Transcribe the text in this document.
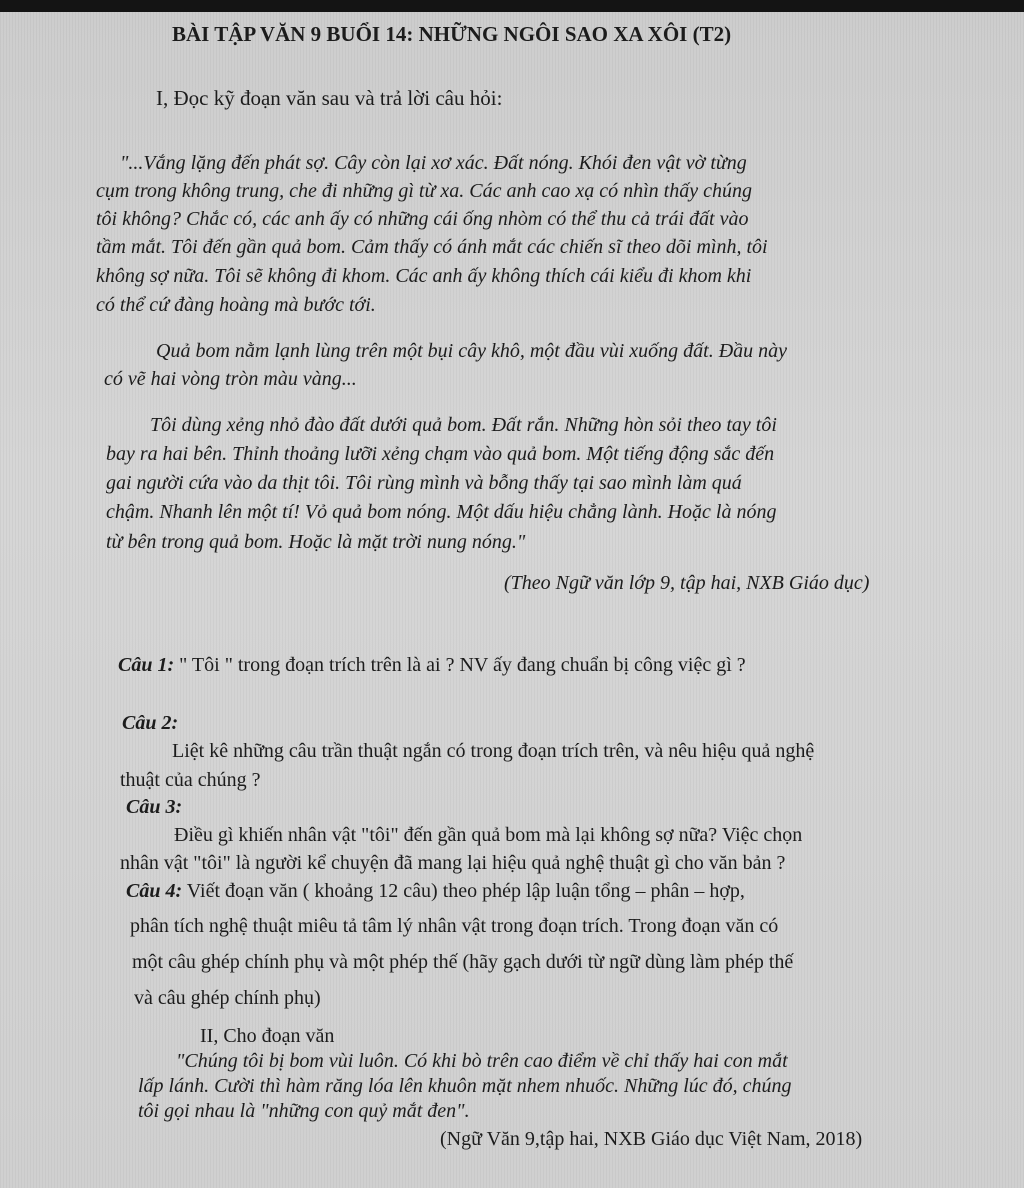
BÀI TẬP VĂN 9 BUỔI 14: NHỮNG NGÔI SAO XA XÔI (T2)
I, Đọc kỹ đoạn văn sau và trả lời câu hỏi:
"...Vắng lặng đến phát sợ. Cây còn lại xơ xác. Đất nóng. Khói đen vật vờ từng
cụm trong không trung, che đi những gì từ xa. Các anh cao xạ có nhìn thấy chúng
tôi không? Chắc có, các anh ấy có những cái ống nhòm có thể thu cả trái đất vào
tầm mắt. Tôi đến gần quả bom. Cảm thấy có ánh mắt các chiến sĩ theo dõi mình, tôi
không sợ nữa. Tôi sẽ không đi khom. Các anh ấy không thích cái kiểu đi khom khi
có thể cứ đàng hoàng mà bước tới.
Quả bom nằm lạnh lùng trên một bụi cây khô, một đầu vùi xuống đất. Đầu này
có vẽ hai vòng tròn màu vàng...
Tôi dùng xẻng nhỏ đào đất dưới quả bom. Đất rắn. Những hòn sỏi theo tay tôi
bay ra hai bên. Thỉnh thoảng lưỡi xẻng chạm vào quả bom. Một tiếng động sắc đến
gai người cứa vào da thịt tôi. Tôi rùng mình và bỗng thấy tại sao mình làm quá
chậm. Nhanh lên một tí! Vỏ quả bom nóng. Một dấu hiệu chẳng lành. Hoặc là nóng
từ bên trong quả bom. Hoặc là mặt trời nung nóng."
(Theo Ngữ văn lớp 9, tập hai, NXB Giáo dục)
Câu 1: " Tôi " trong đoạn trích trên là ai ? NV ấy đang chuẩn bị công việc gì ?
Câu 2:
Liệt kê những câu trần thuật ngắn có trong đoạn trích trên, và nêu hiệu quả nghệ
thuật của chúng ?
Câu 3:
Điều gì khiến nhân vật "tôi" đến gần quả bom mà lại không sợ nữa? Việc chọn
nhân vật "tôi" là người kể chuyện đã mang lại hiệu quả nghệ thuật gì cho văn bản ?
Câu 4: Viết đoạn văn ( khoảng 12 câu) theo phép lập luận tổng – phân – hợp,
phân tích nghệ thuật miêu tả tâm lý nhân vật trong đoạn trích. Trong đoạn văn có
một câu ghép chính phụ và một phép thế (hãy gạch dưới từ ngữ dùng làm phép thế
và câu ghép chính phụ)
II, Cho đoạn văn
"Chúng tôi bị bom vùi luôn. Có khi bò trên cao điểm về chỉ thấy hai con mắt
lấp lánh. Cười thì hàm răng lóa lên khuôn mặt nhem nhuốc. Những lúc đó, chúng
tôi gọi nhau là "những con quỷ mắt đen".
(Ngữ Văn 9,tập hai, NXB Giáo dục Việt Nam, 2018)
